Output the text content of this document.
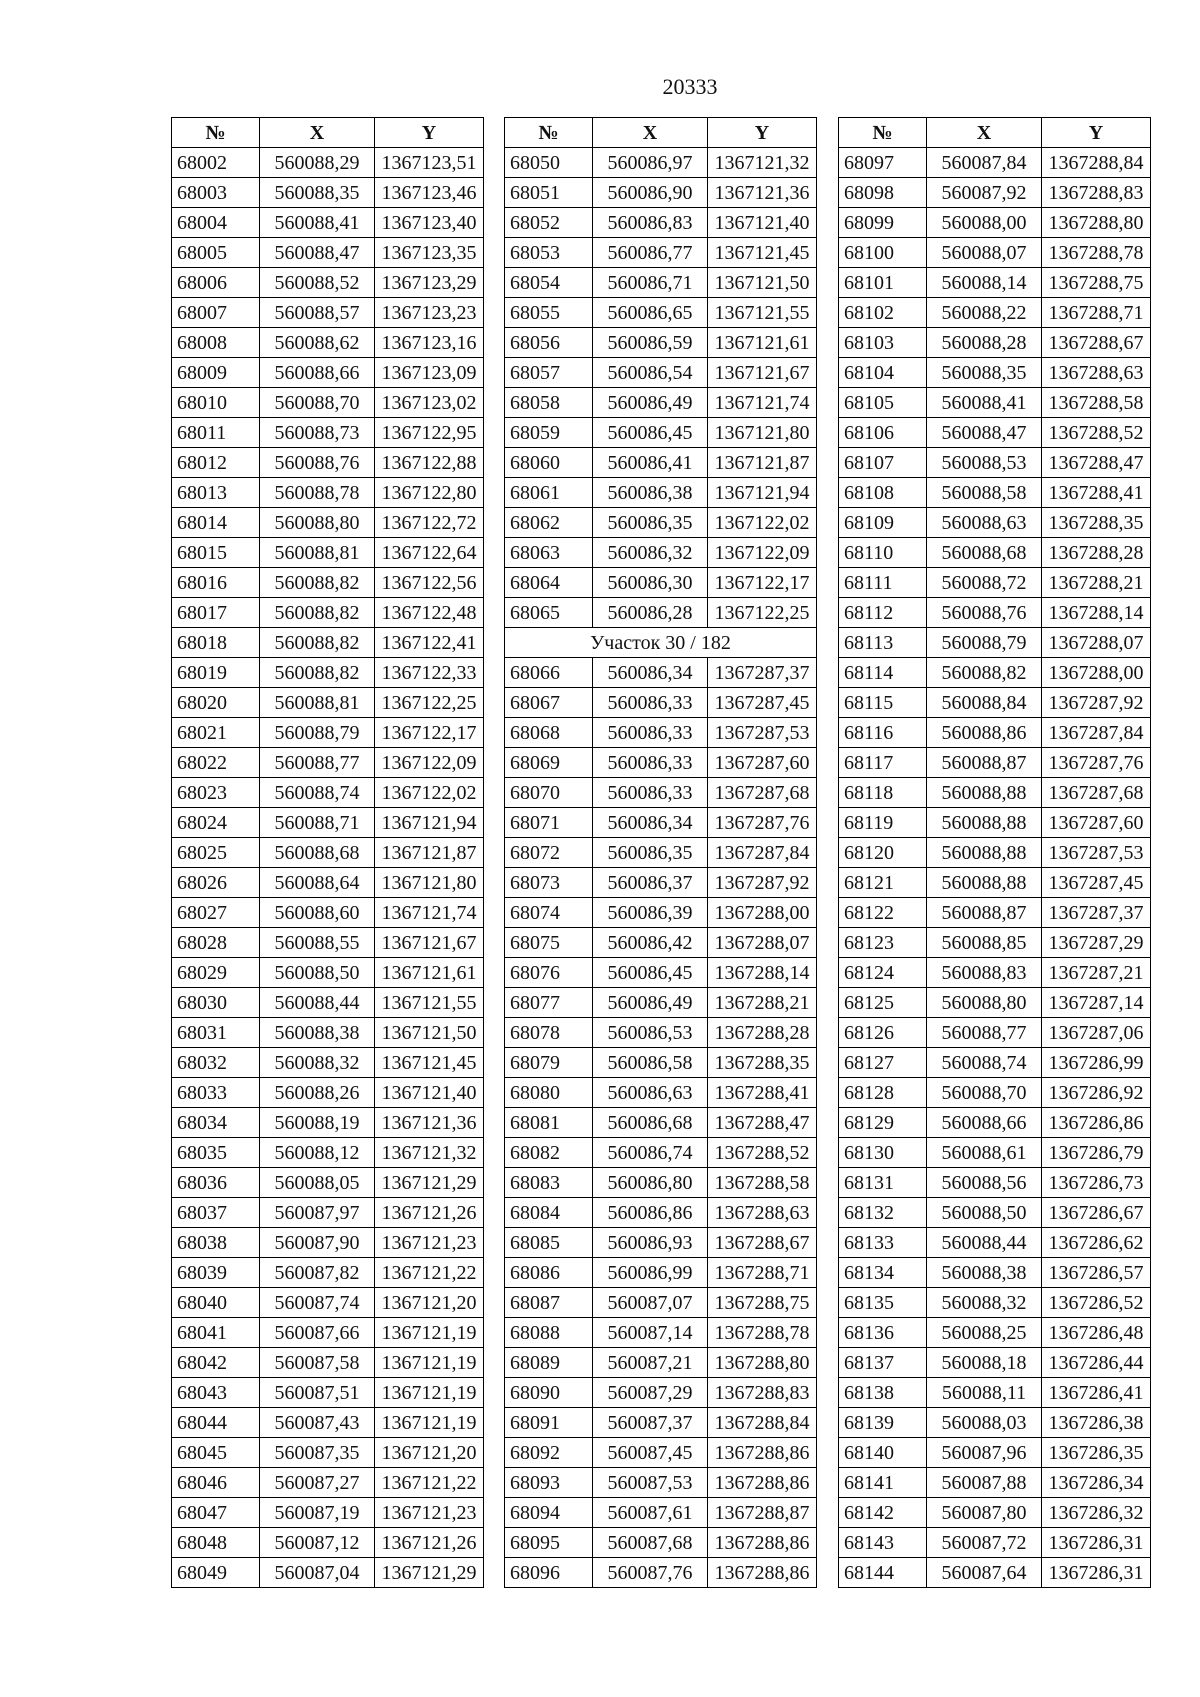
20333
№	X	Y
68002	560088,29	1367123,51
68003	560088,35	1367123,46
68004	560088,41	1367123,40
68005	560088,47	1367123,35
68006	560088,52	1367123,29
68007	560088,57	1367123,23
68008	560088,62	1367123,16
68009	560088,66	1367123,09
68010	560088,70	1367123,02
68011	560088,73	1367122,95
68012	560088,76	1367122,88
68013	560088,78	1367122,80
68014	560088,80	1367122,72
68015	560088,81	1367122,64
68016	560088,82	1367122,56
68017	560088,82	1367122,48
68018	560088,82	1367122,41
68019	560088,82	1367122,33
68020	560088,81	1367122,25
68021	560088,79	1367122,17
68022	560088,77	1367122,09
68023	560088,74	1367122,02
68024	560088,71	1367121,94
68025	560088,68	1367121,87
68026	560088,64	1367121,80
68027	560088,60	1367121,74
68028	560088,55	1367121,67
68029	560088,50	1367121,61
68030	560088,44	1367121,55
68031	560088,38	1367121,50
68032	560088,32	1367121,45
68033	560088,26	1367121,40
68034	560088,19	1367121,36
68035	560088,12	1367121,32
68036	560088,05	1367121,29
68037	560087,97	1367121,26
68038	560087,90	1367121,23
68039	560087,82	1367121,22
68040	560087,74	1367121,20
68041	560087,66	1367121,19
68042	560087,58	1367121,19
68043	560087,51	1367121,19
68044	560087,43	1367121,19
68045	560087,35	1367121,20
68046	560087,27	1367121,22
68047	560087,19	1367121,23
68048	560087,12	1367121,26
68049	560087,04	1367121,29
№	X	Y
68050	560086,97	1367121,32
68051	560086,90	1367121,36
68052	560086,83	1367121,40
68053	560086,77	1367121,45
68054	560086,71	1367121,50
68055	560086,65	1367121,55
68056	560086,59	1367121,61
68057	560086,54	1367121,67
68058	560086,49	1367121,74
68059	560086,45	1367121,80
68060	560086,41	1367121,87
68061	560086,38	1367121,94
68062	560086,35	1367122,02
68063	560086,32	1367122,09
68064	560086,30	1367122,17
68065	560086,28	1367122,25
Участок 30 / 182		
68066	560086,34	1367287,37
68067	560086,33	1367287,45
68068	560086,33	1367287,53
68069	560086,33	1367287,60
68070	560086,33	1367287,68
68071	560086,34	1367287,76
68072	560086,35	1367287,84
68073	560086,37	1367287,92
68074	560086,39	1367288,00
68075	560086,42	1367288,07
68076	560086,45	1367288,14
68077	560086,49	1367288,21
68078	560086,53	1367288,28
68079	560086,58	1367288,35
68080	560086,63	1367288,41
68081	560086,68	1367288,47
68082	560086,74	1367288,52
68083	560086,80	1367288,58
68084	560086,86	1367288,63
68085	560086,93	1367288,67
68086	560086,99	1367288,71
68087	560087,07	1367288,75
68088	560087,14	1367288,78
68089	560087,21	1367288,80
68090	560087,29	1367288,83
68091	560087,37	1367288,84
68092	560087,45	1367288,86
68093	560087,53	1367288,86
68094	560087,61	1367288,87
68095	560087,68	1367288,86
68096	560087,76	1367288,86
№	X	Y
68097	560087,84	1367288,84
68098	560087,92	1367288,83
68099	560088,00	1367288,80
68100	560088,07	1367288,78
68101	560088,14	1367288,75
68102	560088,22	1367288,71
68103	560088,28	1367288,67
68104	560088,35	1367288,63
68105	560088,41	1367288,58
68106	560088,47	1367288,52
68107	560088,53	1367288,47
68108	560088,58	1367288,41
68109	560088,63	1367288,35
68110	560088,68	1367288,28
68111	560088,72	1367288,21
68112	560088,76	1367288,14
68113	560088,79	1367288,07
68114	560088,82	1367288,00
68115	560088,84	1367287,92
68116	560088,86	1367287,84
68117	560088,87	1367287,76
68118	560088,88	1367287,68
68119	560088,88	1367287,60
68120	560088,88	1367287,53
68121	560088,88	1367287,45
68122	560088,87	1367287,37
68123	560088,85	1367287,29
68124	560088,83	1367287,21
68125	560088,80	1367287,14
68126	560088,77	1367287,06
68127	560088,74	1367286,99
68128	560088,70	1367286,92
68129	560088,66	1367286,86
68130	560088,61	1367286,79
68131	560088,56	1367286,73
68132	560088,50	1367286,67
68133	560088,44	1367286,62
68134	560088,38	1367286,57
68135	560088,32	1367286,52
68136	560088,25	1367286,48
68137	560088,18	1367286,44
68138	560088,11	1367286,41
68139	560088,03	1367286,38
68140	560087,96	1367286,35
68141	560087,88	1367286,34
68142	560087,80	1367286,32
68143	560087,72	1367286,31
68144	560087,64	1367286,31
